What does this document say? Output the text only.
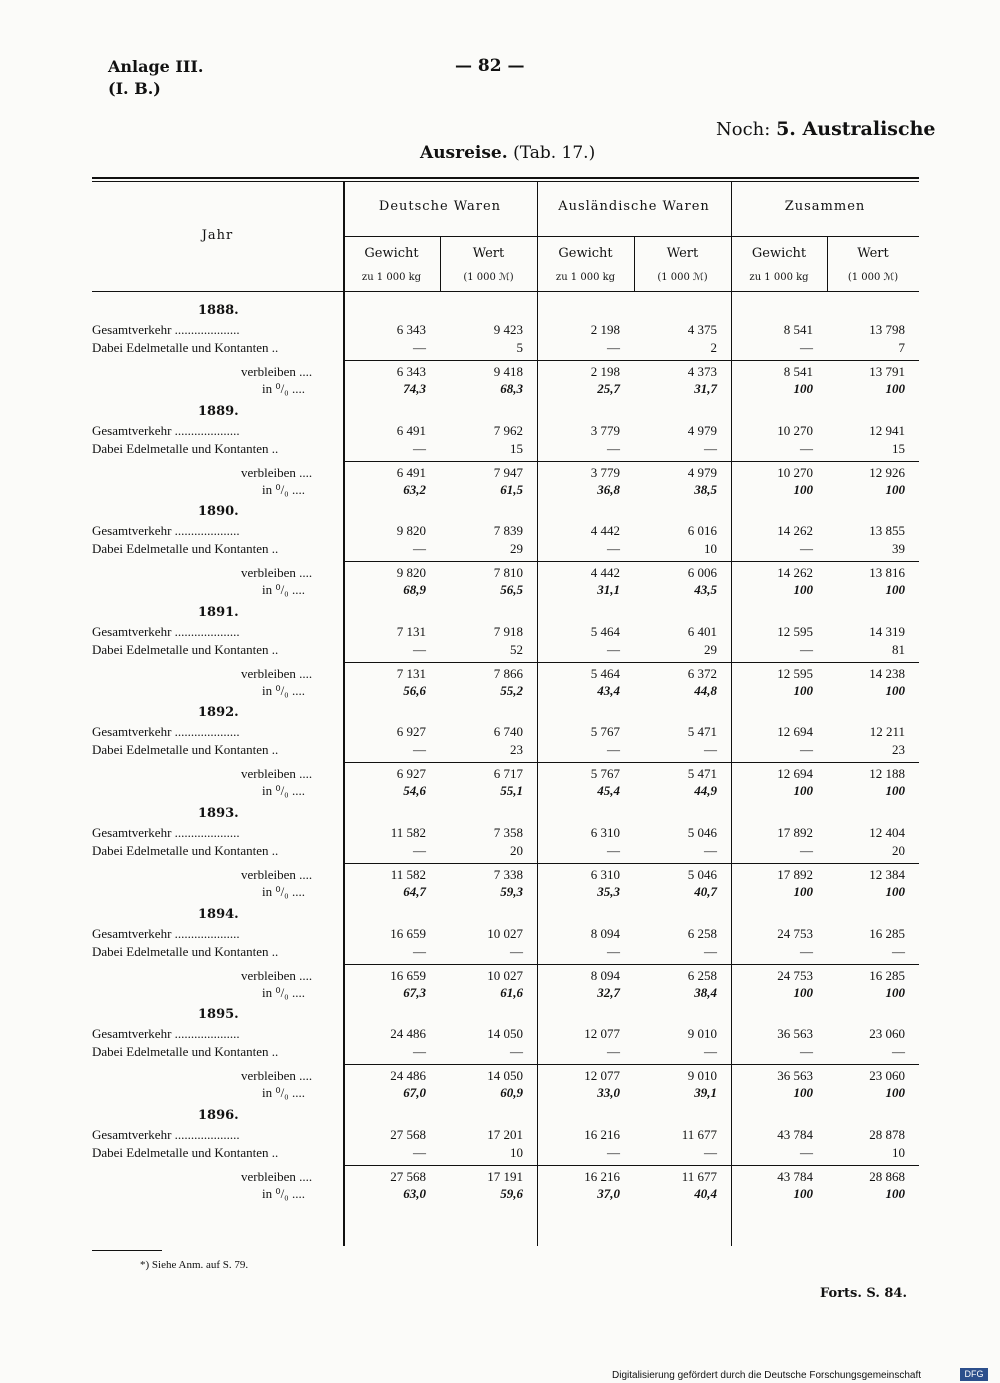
Anlage III.
(I. B.)
— 82 —
Noch: 5. Australische
Ausreise. (Tab. 17.)
Jahr
Deutsche Waren	Ausländische Waren	Zusammen
Gewicht
zu 1 000 kg
Wert
(1 000 ℳ)
Gewicht
zu 1 000 kg
Wert
(1 000 ℳ)
Gewicht
zu 1 000 kg
Wert
(1 000 ℳ)
1888.
Gesamtverkehr ....................	6 343	9 423	2 198	4 375	8 541	13 798
Dabei Edelmetalle und Kontanten ..	—	5	—	2	—	7
verbleiben ....	6 343	9 418	2 198	4 373	8 541	13 791
in ⁰/₀ ....	74,3	68,3	25,7	31,7	100	100
1889.
Gesamtverkehr ....................	6 491	7 962	3 779	4 979	10 270	12 941
Dabei Edelmetalle und Kontanten ..	—	15	—	—	—	15
verbleiben ....	6 491	7 947	3 779	4 979	10 270	12 926
in ⁰/₀ ....	63,2	61,5	36,8	38,5	100	100
1890.
Gesamtverkehr ....................	9 820	7 839	4 442	6 016	14 262	13 855
Dabei Edelmetalle und Kontanten ..	—	29	—	10	—	39
verbleiben ....	9 820	7 810	4 442	6 006	14 262	13 816
in ⁰/₀ ....	68,9	56,5	31,1	43,5	100	100
1891.
Gesamtverkehr ....................	7 131	7 918	5 464	6 401	12 595	14 319
Dabei Edelmetalle und Kontanten ..	—	52	—	29	—	81
verbleiben ....	7 131	7 866	5 464	6 372	12 595	14 238
in ⁰/₀ ....	56,6	55,2	43,4	44,8	100	100
1892.
Gesamtverkehr ....................	6 927	6 740	5 767	5 471	12 694	12 211
Dabei Edelmetalle und Kontanten ..	—	23	—	—	—	23
verbleiben ....	6 927	6 717	5 767	5 471	12 694	12 188
in ⁰/₀ ....	54,6	55,1	45,4	44,9	100	100
1893.
Gesamtverkehr ....................	11 582	7 358	6 310	5 046	17 892	12 404
Dabei Edelmetalle und Kontanten ..	—	20	—	—	—	20
verbleiben ....	11 582	7 338	6 310	5 046	17 892	12 384
in ⁰/₀ ....	64,7	59,3	35,3	40,7	100	100
1894.
Gesamtverkehr ....................	16 659	10 027	8 094	6 258	24 753	16 285
Dabei Edelmetalle und Kontanten ..	—	—	—	—	—	—
verbleiben ....	16 659	10 027	8 094	6 258	24 753	16 285
in ⁰/₀ ....	67,3	61,6	32,7	38,4	100	100
1895.
Gesamtverkehr ....................	24 486	14 050	12 077	9 010	36 563	23 060
Dabei Edelmetalle und Kontanten ..	—	—	—	—	—	—
verbleiben ....	24 486	14 050	12 077	9 010	36 563	23 060
in ⁰/₀ ....	67,0	60,9	33,0	39,1	100	100
1896.
Gesamtverkehr ....................	27 568	17 201	16 216	11 677	43 784	28 878
Dabei Edelmetalle und Kontanten ..	—	10	—	—	—	10
verbleiben ....	27 568	17 191	16 216	11 677	43 784	28 868
in ⁰/₀ ....	63,0	59,6	37,0	40,4	100	100
*) Siehe Anm. auf S. 79.
Forts. S. 84.
Digitalisierung gefördert durch die Deutsche Forschungsgemeinschaft	DFG
